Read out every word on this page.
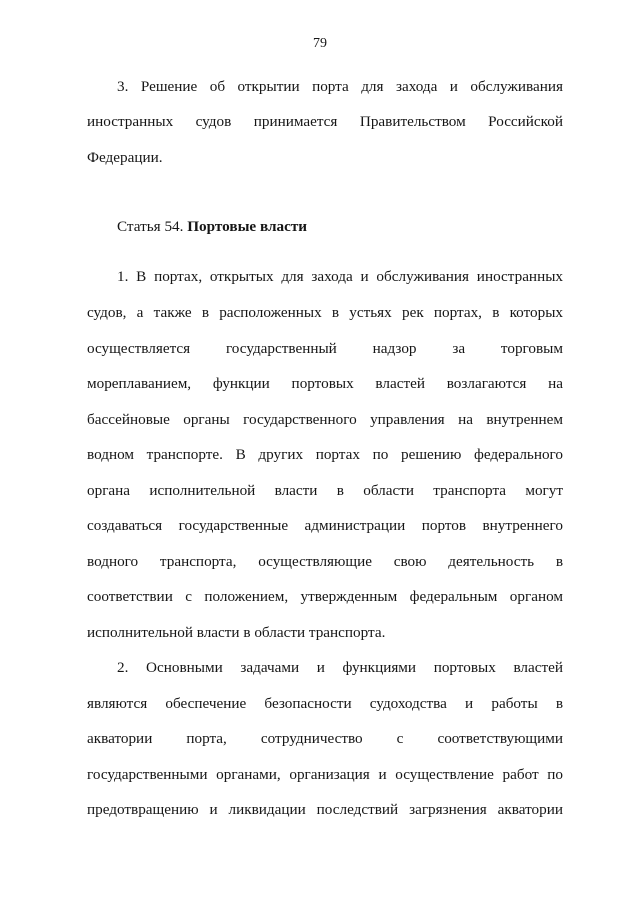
79
3. Решение об открытии порта для захода и обслуживания
иностранных судов принимается Правительством Российской
Федерации.
Статья 54. Портовые власти
1. В портах, открытых для захода и обслуживания иностранных
судов, а также в расположенных в устьях рек портах, в которых
осуществляется государственный надзор за торговым
мореплаванием, функции портовых властей возлагаются на
бассейновые органы государственного управления на внутреннем
водном транспорте. В других портах по решению федерального
органа исполнительной власти в области транспорта могут
создаваться государственные администрации портов внутреннего
водного транспорта, осуществляющие свою деятельность в
соответствии с положением, утвержденным федеральным органом
исполнительной власти в области транспорта.
2. Основными задачами и функциями портовых властей
являются обеспечение безопасности судоходства и работы в
акватории порта, сотрудничество с соответствующими
государственными органами, организация и осуществление работ по
предотвращению и ликвидации последствий загрязнения акватории
